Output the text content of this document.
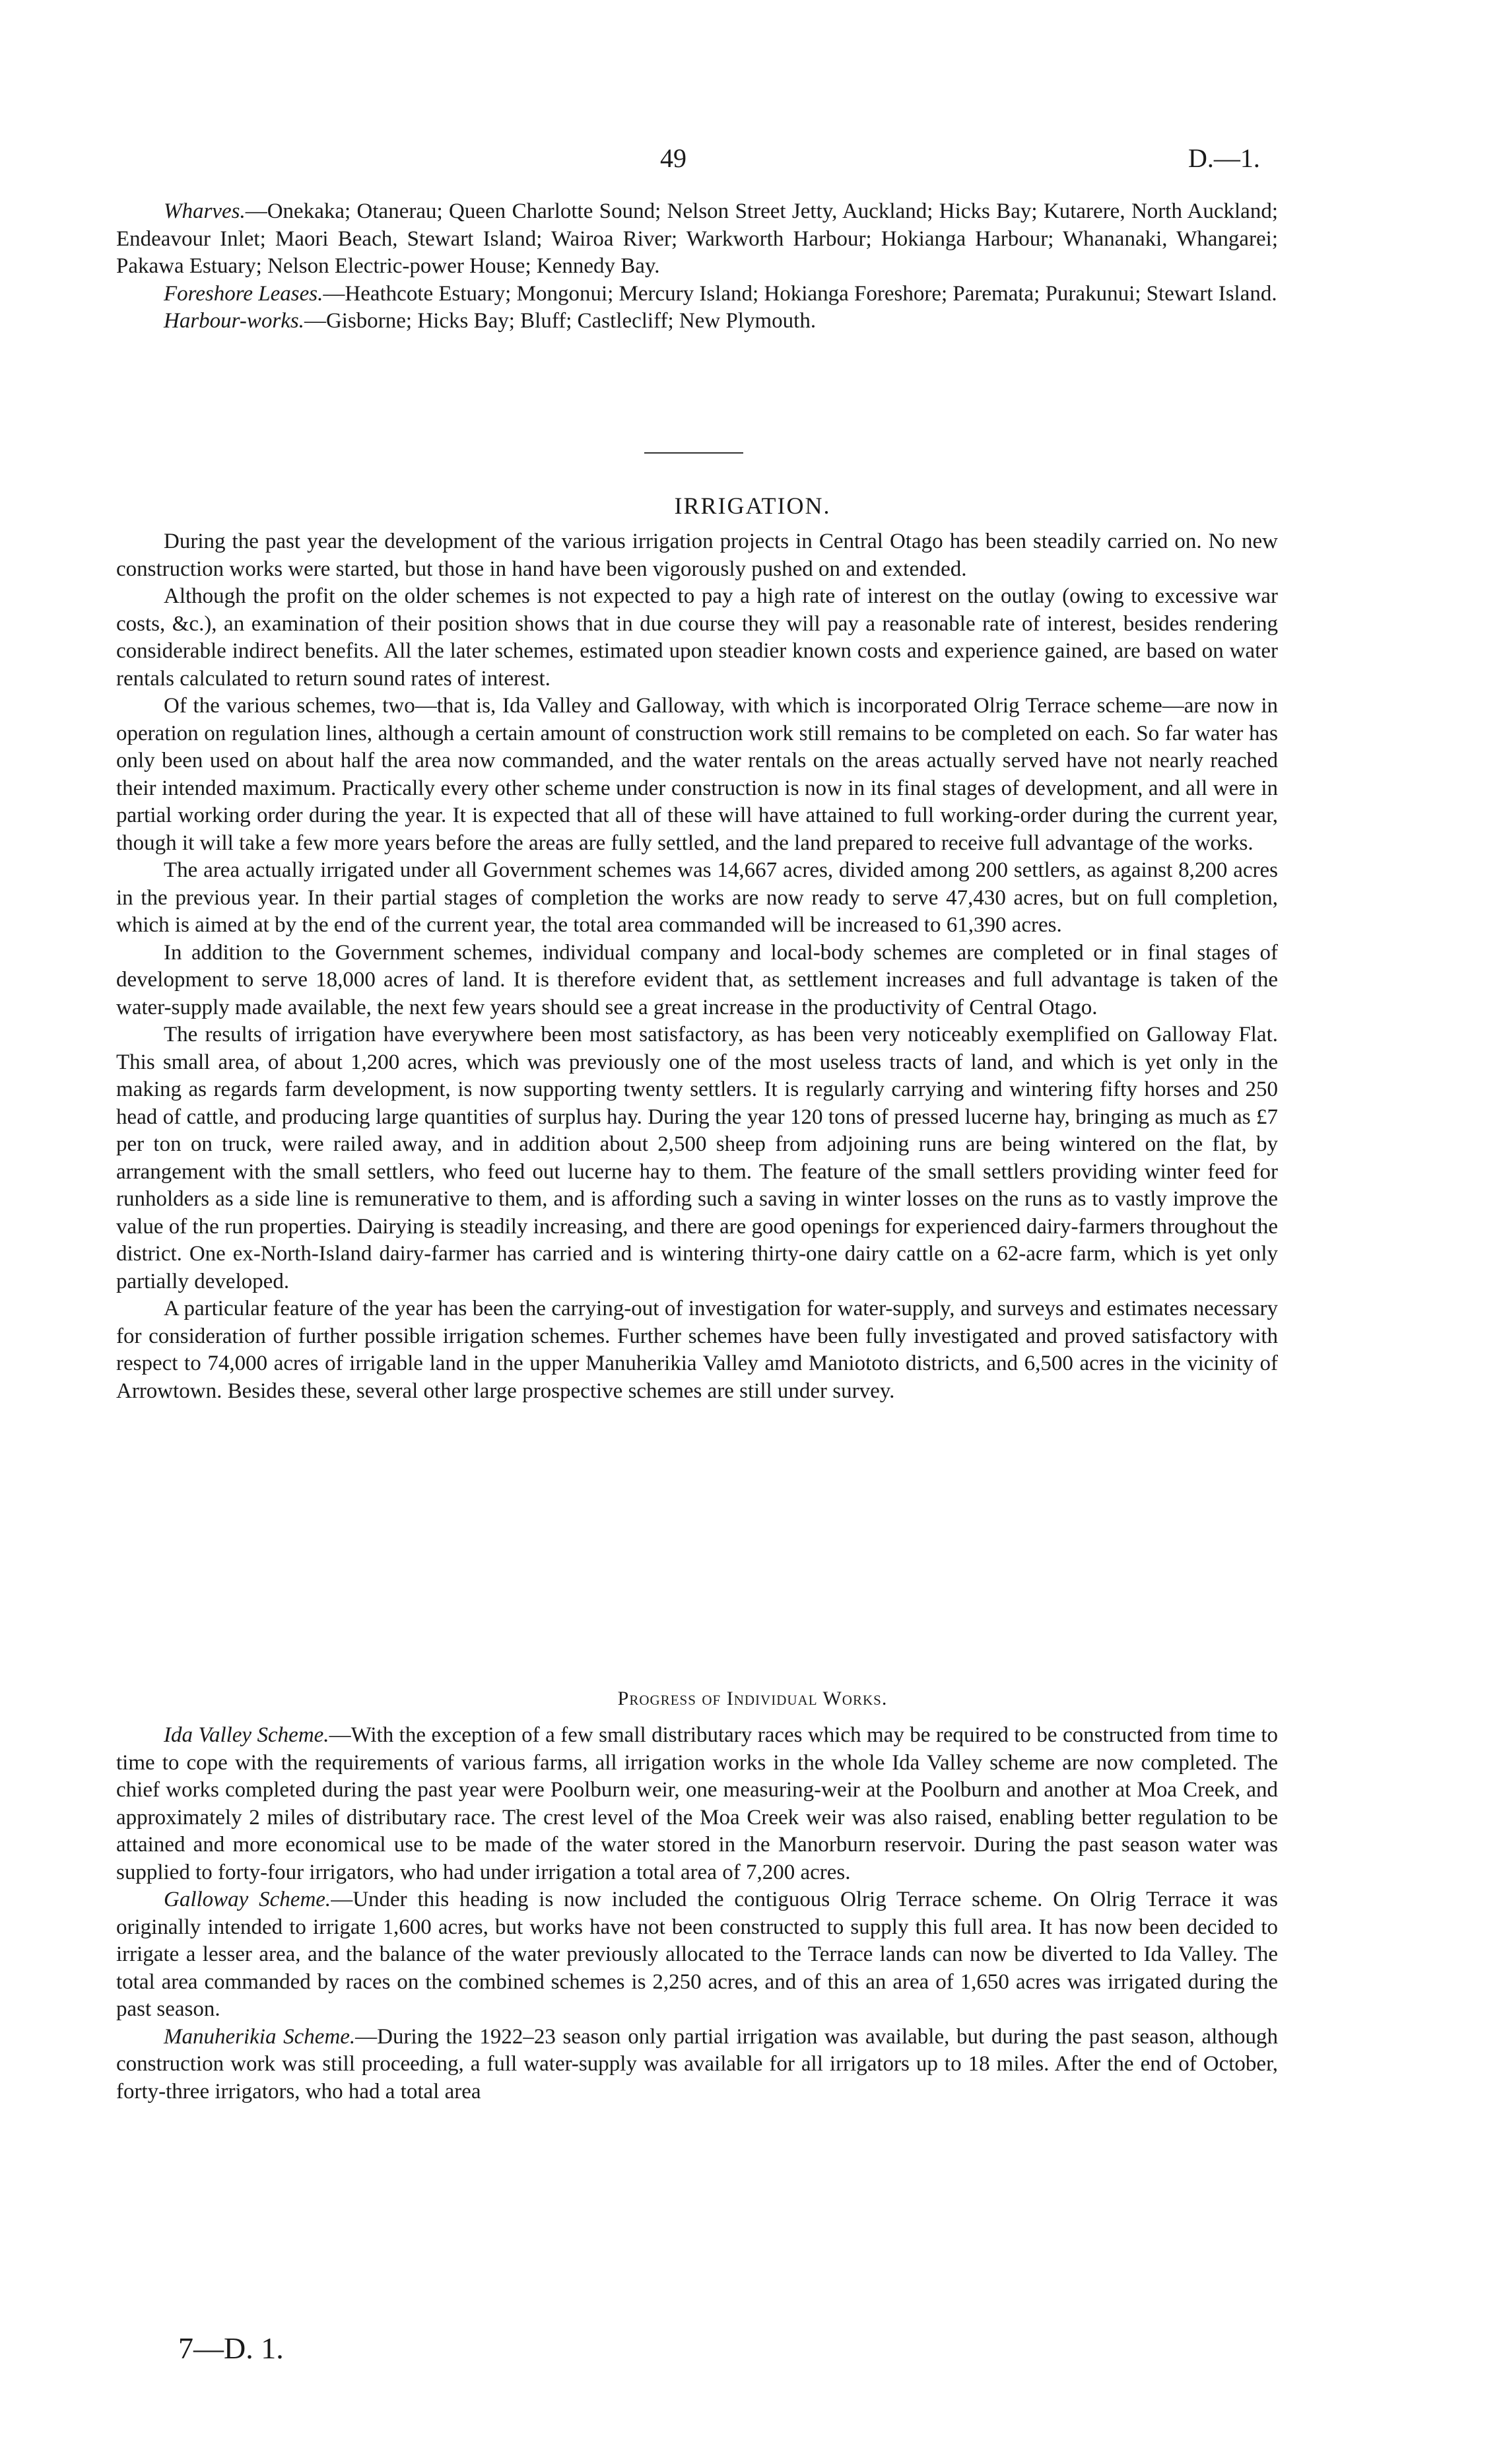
49	D.—1.

Wharves.—Onekaka; Otanerau; Queen Charlotte Sound; Nelson Street Jetty, Auckland; Hicks Bay; Kutarere, North Auckland; Endeavour Inlet; Maori Beach, Stewart Island; Wairoa River; Warkworth Harbour; Hokianga Harbour; Whananaki, Whangarei; Pakawa Estuary; Nelson Electric-power House; Kennedy Bay.

Foreshore Leases.—Heathcote Estuary; Mongonui; Mercury Island; Hokianga Foreshore; Paremata; Purakunui; Stewart Island.

Harbour-works.—Gisborne; Hicks Bay; Bluff; Castlecliff; New Plymouth.

IRRIGATION.

During the past year the development of the various irrigation projects in Central Otago has been steadily carried on. No new construction works were started, but those in hand have been vigorously pushed on and extended.

Although the profit on the older schemes is not expected to pay a high rate of interest on the outlay (owing to excessive war costs, &c.), an examination of their position shows that in due course they will pay a reasonable rate of interest, besides rendering considerable indirect benefits. All the later schemes, estimated upon steadier known costs and experience gained, are based on water rentals calculated to return sound rates of interest.

Of the various schemes, two—that is, Ida Valley and Galloway, with which is incorporated Olrig Terrace scheme—are now in operation on regulation lines, although a certain amount of construction work still remains to be completed on each. So far water has only been used on about half the area now commanded, and the water rentals on the areas actually served have not nearly reached their intended maximum. Practically every other scheme under construction is now in its final stages of development, and all were in partial working order during the year. It is expected that all of these will have attained to full working-order during the current year, though it will take a few more years before the areas are fully settled, and the land prepared to receive full advantage of the works.

The area actually irrigated under all Government schemes was 14,667 acres, divided among 200 settlers, as against 8,200 acres in the previous year. In their partial stages of completion the works are now ready to serve 47,430 acres, but on full completion, which is aimed at by the end of the current year, the total area commanded will be increased to 61,390 acres.

In addition to the Government schemes, individual company and local-body schemes are completed or in final stages of development to serve 18,000 acres of land. It is therefore evident that, as settlement increases and full advantage is taken of the water-supply made available, the next few years should see a great increase in the productivity of Central Otago.

The results of irrigation have everywhere been most satisfactory, as has been very noticeably exemplified on Galloway Flat. This small area, of about 1,200 acres, which was previously one of the most useless tracts of land, and which is yet only in the making as regards farm development, is now supporting twenty settlers. It is regularly carrying and wintering fifty horses and 250 head of cattle, and producing large quantities of surplus hay. During the year 120 tons of pressed lucerne hay, bringing as much as £7 per ton on truck, were railed away, and in addition about 2,500 sheep from adjoining runs are being wintered on the flat, by arrangement with the small settlers, who feed out lucerne hay to them. The feature of the small settlers providing winter feed for runholders as a side line is remunerative to them, and is affording such a saving in winter losses on the runs as to vastly improve the value of the run properties. Dairying is steadily increasing, and there are good openings for experienced dairy-farmers throughout the district. One ex-North-Island dairy-farmer has carried and is wintering thirty-one dairy cattle on a 62-acre farm, which is yet only partially developed.

A particular feature of the year has been the carrying-out of investigation for water-supply, and surveys and estimates necessary for consideration of further possible irrigation schemes. Further schemes have been fully investigated and proved satisfactory with respect to 74,000 acres of irrigable land in the upper Manuherikia Valley amd Maniototo districts, and 6,500 acres in the vicinity of Arrowtown. Besides these, several other large prospective schemes are still under survey.

Progress of Individual Works.

Ida Valley Scheme.—With the exception of a few small distributary races which may be required to be constructed from time to time to cope with the requirements of various farms, all irrigation works in the whole Ida Valley scheme are now completed. The chief works completed during the past year were Poolburn weir, one measuring-weir at the Poolburn and another at Moa Creek, and approximately 2 miles of distributary race. The crest level of the Moa Creek weir was also raised, enabling better regulation to be attained and more economical use to be made of the water stored in the Manorburn reservoir. During the past season water was supplied to forty-four irrigators, who had under irrigation a total area of 7,200 acres.

Galloway Scheme.—Under this heading is now included the contiguous Olrig Terrace scheme. On Olrig Terrace it was originally intended to irrigate 1,600 acres, but works have not been constructed to supply this full area. It has now been decided to irrigate a lesser area, and the balance of the water previously allocated to the Terrace lands can now be diverted to Ida Valley. The total area commanded by races on the combined schemes is 2,250 acres, and of this an area of 1,650 acres was irrigated during the past season.

Manuherikia Scheme.—During the 1922–23 season only partial irrigation was available, but during the past season, although construction work was still proceeding, a full water-supply was available for all irrigators up to 18 miles. After the end of October, forty-three irrigators, who had a total area

7—D. 1.
